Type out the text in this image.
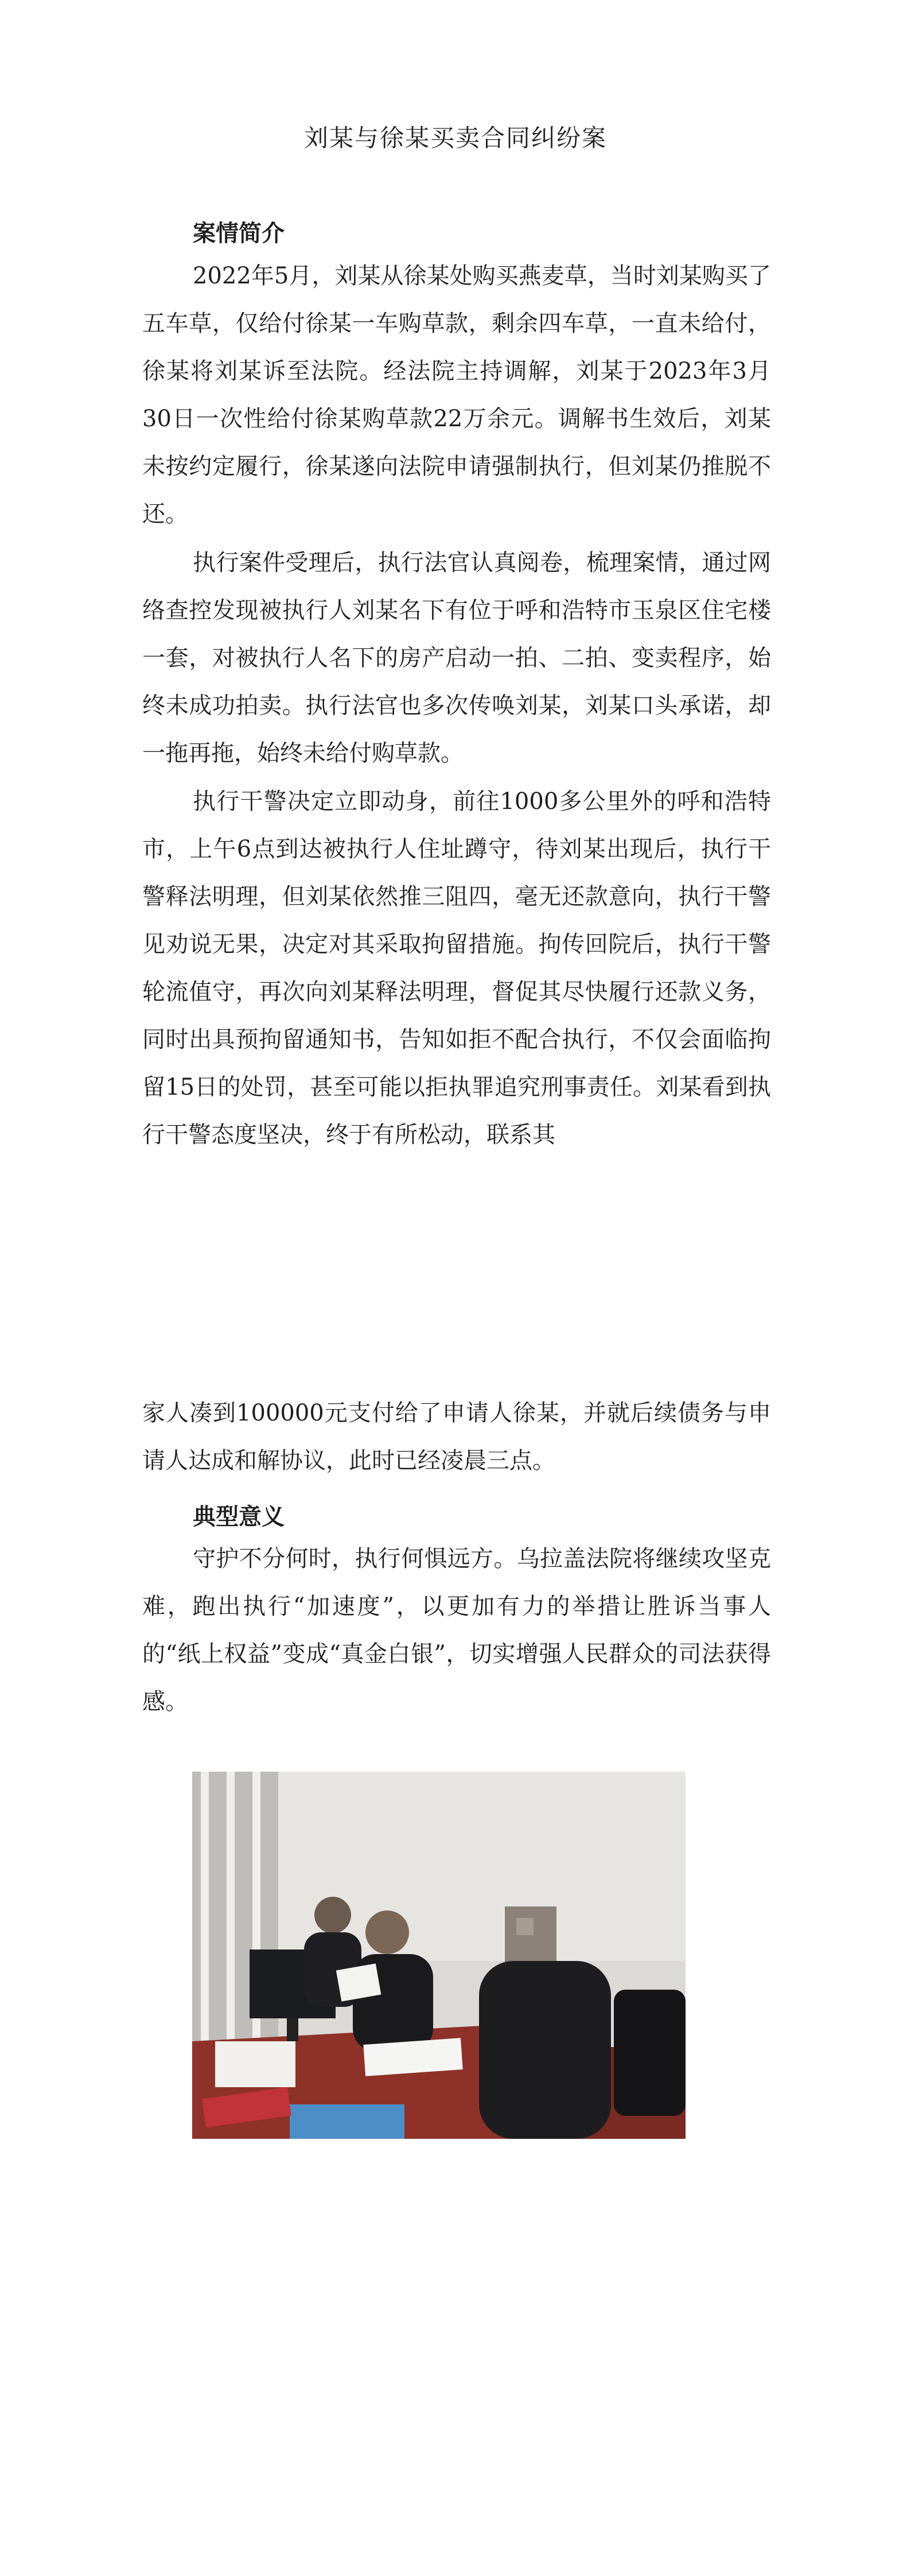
刘某与徐某买卖合同纠纷案
案情简介

2022年5月，刘某从徐某处购买燕麦草，当时刘某购买了五车草，仅给付徐某一车购草款，剩余四车草，一直未给付，徐某将刘某诉至法院。经法院主持调解，刘某于2023年3月30日一次性给付徐某购草款22万余元。调解书生效后，刘某未按约定履行，徐某遂向法院申请强制执行，但刘某仍推脱不还。

执行案件受理后，执行法官认真阅卷，梳理案情，通过网络查控发现被执行人刘某名下有位于呼和浩特市玉泉区住宅楼一套，对被执行人名下的房产启动一拍、二拍、变卖程序，始终未成功拍卖。执行法官也多次传唤刘某，刘某口头承诺，却一拖再拖，始终未给付购草款。

执行干警决定立即动身，前往1000多公里外的呼和浩特市，上午6点到达被执行人住址蹲守，待刘某出现后，执行干警释法明理，但刘某依然推三阻四，毫无还款意向，执行干警见劝说无果，决定对其采取拘留措施。拘传回院后，执行干警轮流值守，再次向刘某释法明理，督促其尽快履行还款义务，同时出具预拘留通知书，告知如拒不配合执行，不仅会面临拘留15日的处罚，甚至可能以拒执罪追究刑事责任。刘某看到执行干警态度坚决，终于有所松动，联系其

家人凑到100000元支付给了申请人徐某，并就后续债务与申请人达成和解协议，此时已经凌晨三点。

典型意义

守护不分何时，执行何惧远方。乌拉盖法院将继续攻坚克难，跑出执行“加速度”，以更加有力的举措让胜诉当事人的“纸上权益”变成“真金白银”，切实增强人民群众的司法获得感。
